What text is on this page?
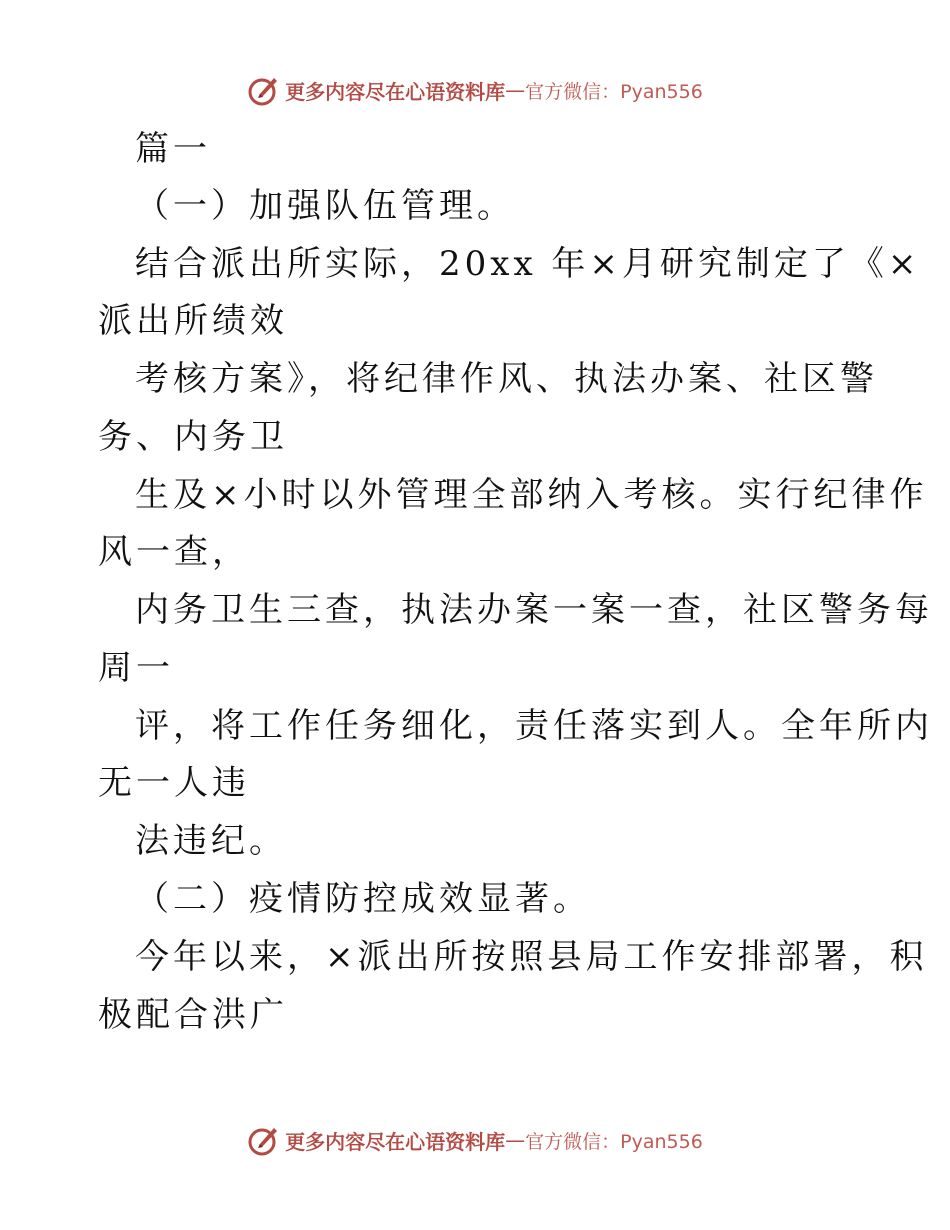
更多内容尽在心语资料库 — 官方微信：Pyan556
篇一
（一）加强队伍管理。
结合派出所实际，20xx 年×月研究制定了《×
派出所绩效
考核方案》，将纪律作风、执法办案、社区警
务、内务卫
生及×小时以外管理全部纳入考核。实行纪律作
风一查，
内务卫生三查，执法办案一案一查，社区警务每
周一
评，将工作任务细化，责任落实到人。全年所内
无一人违
法违纪。
（二）疫情防控成效显著。
今年以来，×派出所按照县局工作安排部署，积
极配合洪广
更多内容尽在心语资料库 — 官方微信：Pyan556
